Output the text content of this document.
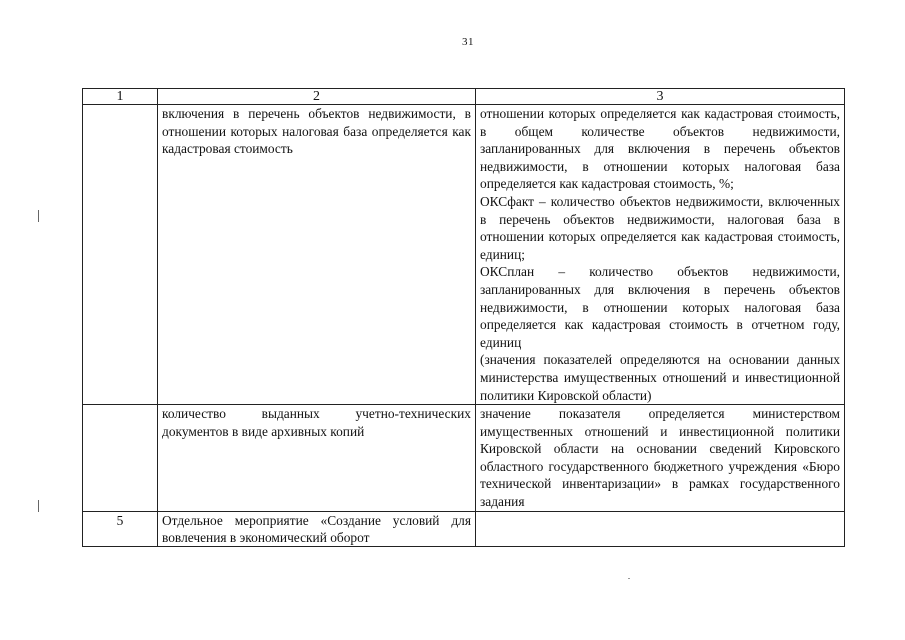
31
1	2	3
	включения в перечень объектов недвижимости, в отношении которых налоговая база определяется как кадастровая стоимость	отношении которых определяется как кадастровая стоимость, в общем количестве объектов недвижимости, запланированных для включения в перечень объектов недвижимости, в отношении которых налоговая база определяется как кадастровая стоимость, %;
ОКСфакт – количество объектов недвижимости, включенных в перечень объектов недвижимости, налоговая база в отношении которых определяется как кадастровая стоимость, единиц;
ОКСплан – количество объектов недвижимости, запланированных для включения в перечень объектов недвижимости, в отношении которых налоговая база определяется как кадастровая стоимость в отчетном году, единиц
(значения показателей определяются на основании данных министерства имущественных отношений и инвестиционной политики Кировской области)

	количество выданных учетно-технических документов в виде архивных копий	значение показателя определяется министерством имущественных отношений и инвестиционной политики Кировской области на основании сведений Кировского областного государственного бюджетного учреждения «Бюро технической инвентаризации» в рамках государственного задания
5	Отдельное мероприятие «Создание условий для вовлечения в экономический оборот	
